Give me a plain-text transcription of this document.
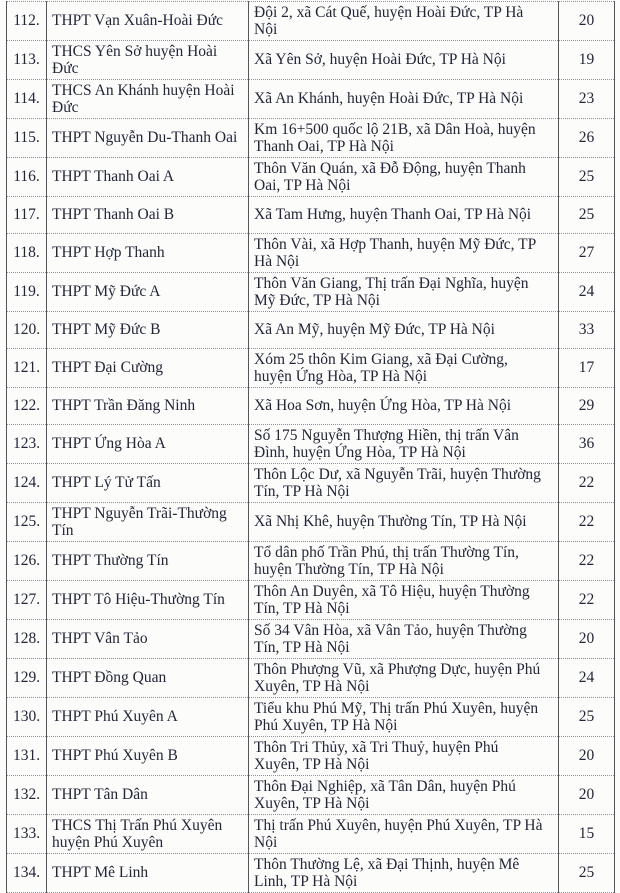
112.	THPT Vạn Xuân-Hoài Đức	Đội 2, xã Cát Quế, huyện Hoài Đức, TP Hà Nội	20
113.	THCS Yên Sở huyện Hoài Đức	Xã Yên Sở, huyện Hoài Đức, TP Hà Nội	19
114.	THCS An Khánh huyện Hoài Đức	Xã An Khánh, huyện Hoài Đức, TP Hà Nội	23
115.	THPT Nguyễn Du-Thanh Oai	Km 16+500 quốc lộ 21B, xã Dân Hoà, huyện Thanh Oai, TP Hà Nội	26
116.	THPT Thanh Oai A	Thôn Văn Quán, xã Đỗ Động, huyện Thanh Oai, TP Hà Nội	25
117.	THPT Thanh Oai B	Xã Tam Hưng, huyện Thanh Oai, TP Hà Nội	25
118.	THPT Hợp Thanh	Thôn Vài, xã Hợp Thanh, huyện Mỹ Đức, TP Hà Nội	27
119.	THPT Mỹ Đức A	Thôn Văn Giang, Thị trấn Đại Nghĩa, huyện Mỹ Đức, TP Hà Nội	24
120.	THPT Mỹ Đức B	Xã An Mỹ, huyện Mỹ Đức, TP Hà Nội	33
121.	THPT Đại Cường	Xóm 25 thôn Kim Giang, xã Đại Cường, huyện Ứng Hòa, TP Hà Nội	17
122.	THPT Trần Đăng Ninh	Xã Hoa Sơn, huyện Ứng Hòa, TP Hà Nội	29
123.	THPT Ứng Hòa A	Số 175 Nguyễn Thượng Hiền, thị trấn Vân Đình, huyện Ứng Hòa, TP Hà Nội	36
124.	THPT Lý Tử Tấn	Thôn Lộc Dư, xã Nguyễn Trãi, huyện Thường Tín, TP Hà Nội	22
125.	THPT Nguyễn Trãi-Thường Tín	Xã Nhị Khê, huyện Thường Tín, TP Hà Nội	22
126.	THPT Thường Tín	Tổ dân phố Trần Phú, thị trấn Thường Tín, huyện Thường Tín, TP Hà Nội	22
127.	THPT Tô Hiệu-Thường Tín	Thôn An Duyên, xã Tô Hiệu, huyện Thường Tín, TP Hà Nội	22
128.	THPT Vân Tảo	Số 34 Vân Hòa, xã Vân Tảo, huyện Thường Tín, TP Hà Nội	20
129.	THPT Đồng Quan	Thôn Phượng Vũ, xã Phượng Dực, huyện Phú Xuyên, TP Hà Nội	24
130.	THPT Phú Xuyên A	Tiểu khu Phú Mỹ, Thị trấn Phú Xuyên, huyện Phú Xuyên, TP Hà Nội	25
131.	THPT Phú Xuyên B	Thôn Tri Thủy, xã Tri Thuỷ, huyện Phú Xuyên, TP Hà Nội	20
132.	THPT Tân Dân	Thôn Đại Nghiệp, xã Tân Dân, huyện Phú Xuyên, TP Hà Nội	20
133.	THCS Thị Trấn Phú Xuyên huyện Phú Xuyên	Thị trấn Phú Xuyên, huyện Phú Xuyên, TP Hà Nội	15
134.	THPT Mê Linh	Thôn Thường Lệ, xã Đại Thịnh, huyện Mê Linh, TP Hà Nội	25
